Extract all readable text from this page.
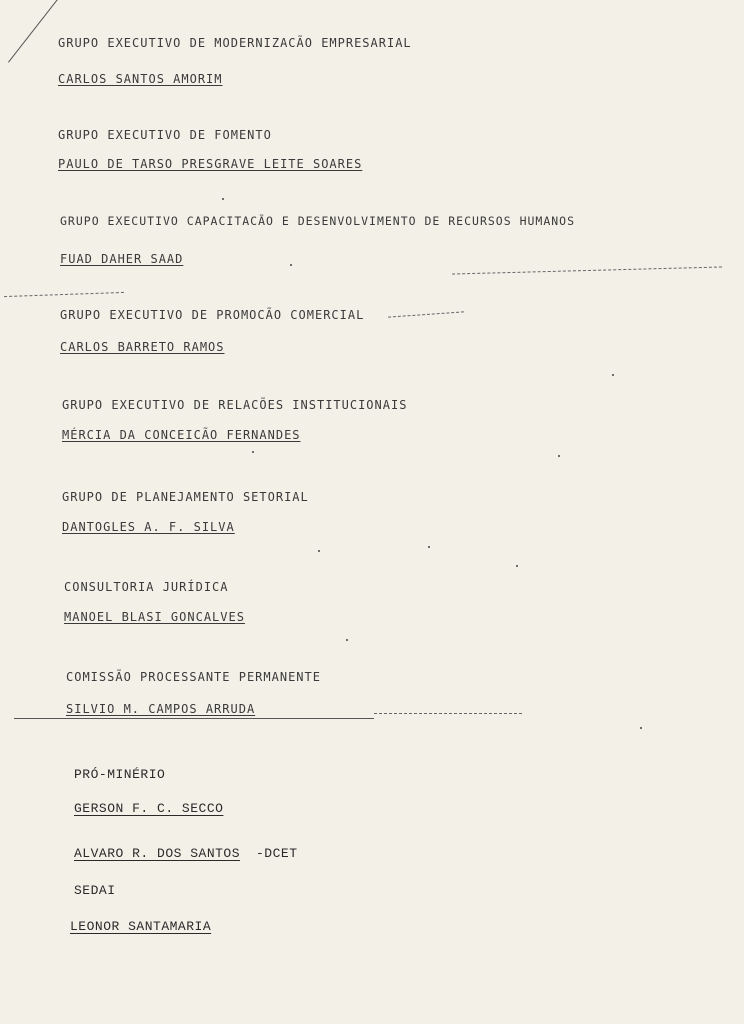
GRUPO EXECUTIVO DE MODERNIZACÃO EMPRESARIAL
CARLOS SANTOS AMORIM
GRUPO EXECUTIVO DE FOMENTO
PAULO DE TARSO PRESGRAVE LEITE SOARES
GRUPO EXECUTIVO CAPACITACÃO E DESENVOLVIMENTO DE RECURSOS HUMANOS
FUAD DAHER SAAD
GRUPO EXECUTIVO DE PROMOCÃO COMERCIAL
CARLOS BARRETO RAMOS
GRUPO EXECUTIVO DE RELACÕES INSTITUCIONAIS
MÉRCIA DA CONCEICÃO FERNANDES
GRUPO DE PLANEJAMENTO SETORIAL
DANTOGLES A. F. SILVA
CONSULTORIA JURÍDICA
MANOEL BLASI GONCALVES
COMISSÃO PROCESSANTE PERMANENTE
SILVIO M. CAMPOS ARRUDA
PRÓ-MINÉRIO
GERSON F. C. SECCO
ALVARO R. DOS SANTOS -DCET
SEDAI
LEONOR SANTAMARIA
